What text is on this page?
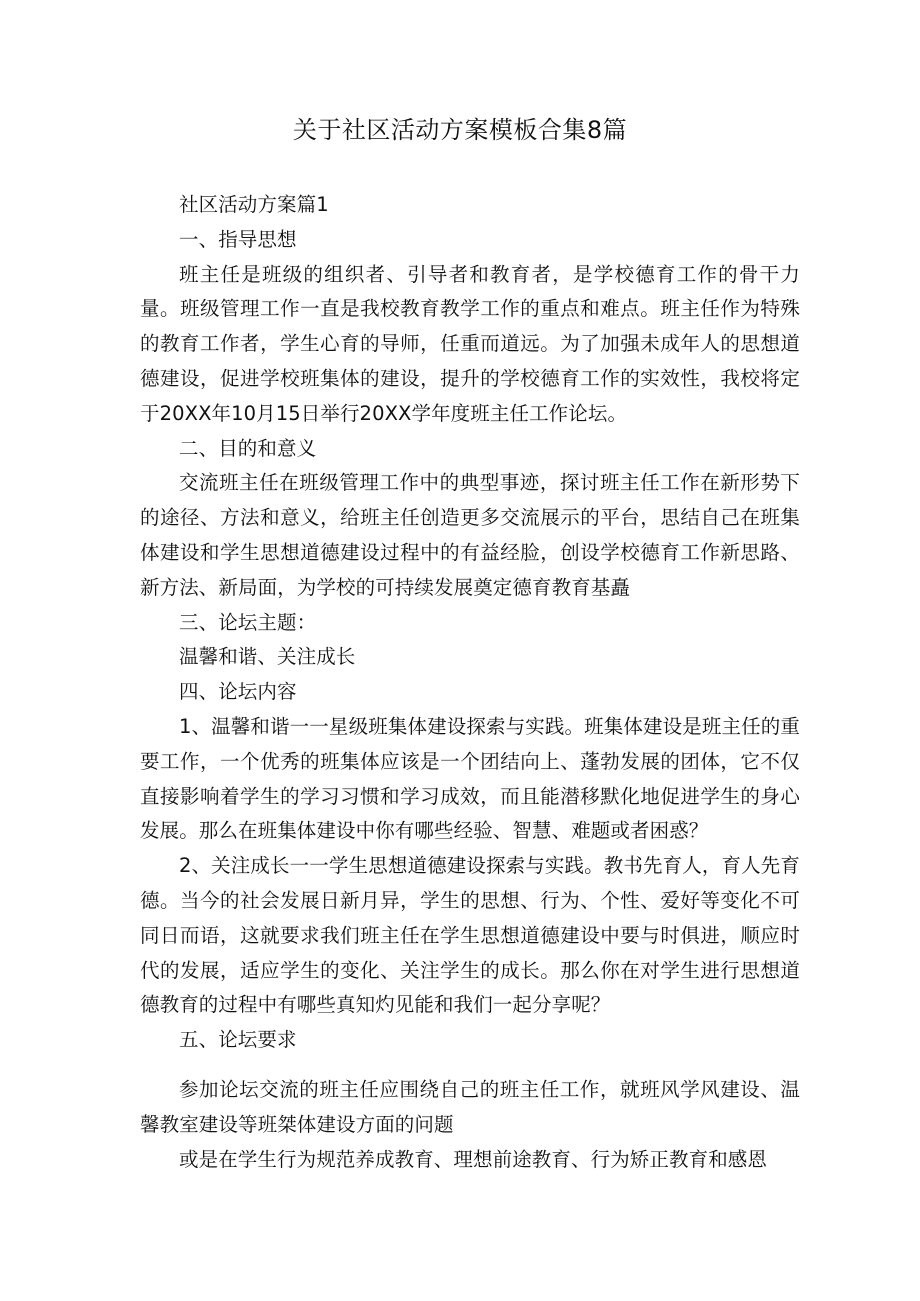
关于社区活动方案模板合集8篇

社区活动方案篇1

一、指导思想

班主任是班级的组织者、引导者和教育者，是学校德育工作的骨干力量。班级管理工作一直是我校教育教学工作的重点和难点。班主任作为特殊的教育工作者，学生心育的导师，任重而道远。为了加强未成年人的思想道德建设，促进学校班集体的建设，提升的学校德育工作的实效性，我校将定于20XX年10月15日举行20XX学年度班主任工作论坛。

二、目的和意义

交流班主任在班级管理工作中的典型事迹，探讨班主任工作在新形势下的途径、方法和意义，给班主任创造更多交流展示的平台，思结自己在班集体建设和学生思想道德建设过程中的有益经脸，创设学校德育工作新思路、新方法、新局面，为学校的可持续发展奠定德育教育基矗

三、论坛主题：

温馨和谐、关注成长

四、论坛内容

1、温馨和谐一一星级班集体建设探索与实践。班集体建设是班主任的重要工作，一个优秀的班集体应该是一个团结向上、蓬勃发展的团体，它不仅直接影响着学生的学习习惯和学习成效，而且能潜移默化地促进学生的身心发展。那么在班集体建设中你有哪些经验、智慧、难题或者困惑？

2、关注成长一一学生思想道德建设探索与实践。教书先育人，育人先育德。当今的社会发展日新月异，学生的思想、行为、个性、爱好等变化不可同日而语，这就要求我们班主任在学生思想道德建设中要与时俱进，顺应时代的发展，适应学生的变化、关注学生的成长。那么你在对学生进行思想道德教育的过程中有哪些真知灼见能和我们一起分享呢？

五、论坛要求

参加论坛交流的班主任应围绕自己的班主任工作，就班风学风建设、温馨教室建设等班桀体建设方面的问题

或是在学生行为规范养成教育、理想前途教育、行为矫正教育和感恩
